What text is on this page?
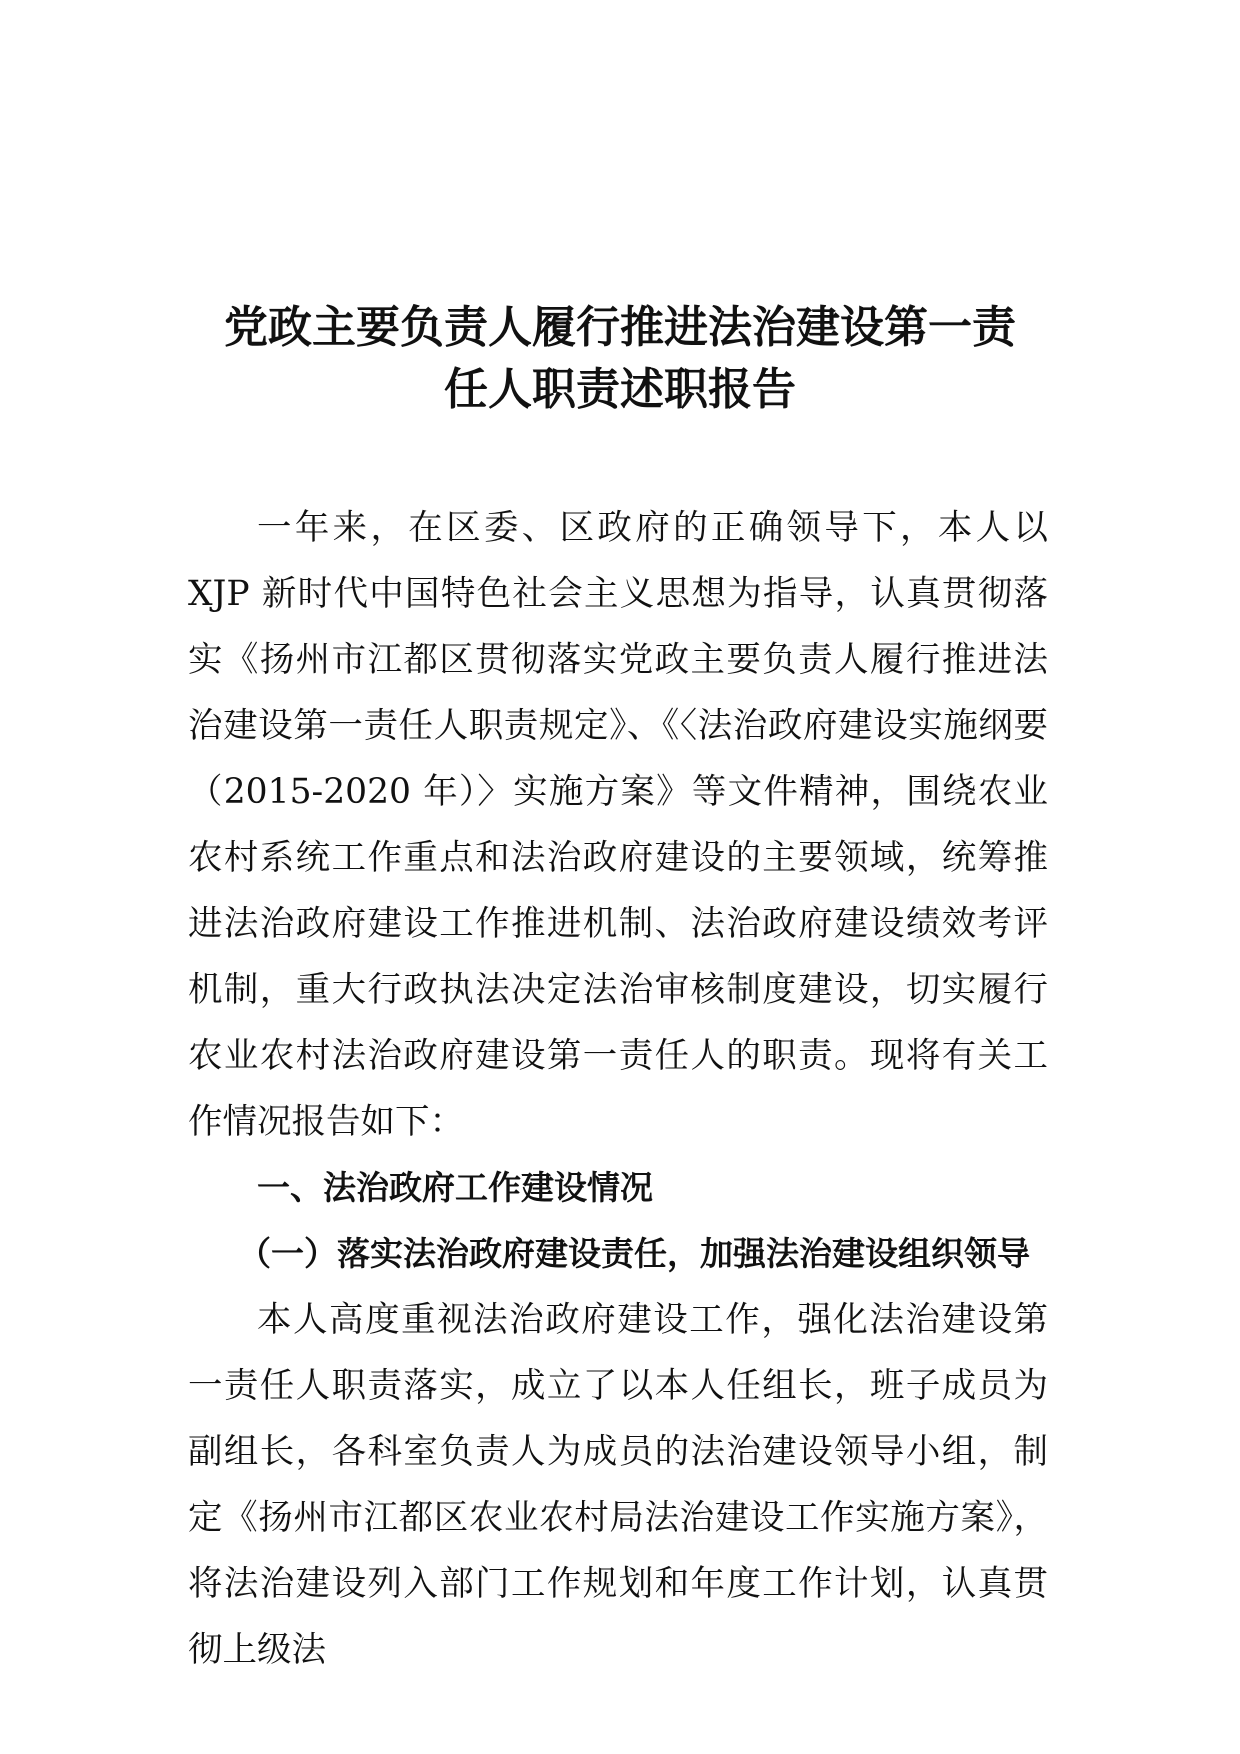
党政主要负责人履行推进法治建设第一责
任人职责述职报告

一年来，在区委、区政府的正确领导下，本人以 XJP 新时代中国特色社会主义思想为指导，认真贯彻落实《扬州市江都区贯彻落实党政主要负责人履行推进法治建设第一责任人职责规定》、《〈法治政府建设实施纲要（2015-2020 年）〉实施方案》等文件精神，围绕农业农村系统工作重点和法治政府建设的主要领域，统筹推进法治政府建设工作推进机制、法治政府建设绩效考评机制，重大行政执法决定法治审核制度建设，切实履行农业农村法治政府建设第一责任人的职责。现将有关工作情况报告如下：

一、法治政府工作建设情况

（一）落实法治政府建设责任，加强法治建设组织领导

本人高度重视法治政府建设工作，强化法治建设第一责任人职责落实，成立了以本人任组长，班子成员为副组长，各科室负责人为成员的法治建设领导小组，制定《扬州市江都区农业农村局法治建设工作实施方案》，将法治建设列入部门工作规划和年度工作计划，认真贯彻上级法
